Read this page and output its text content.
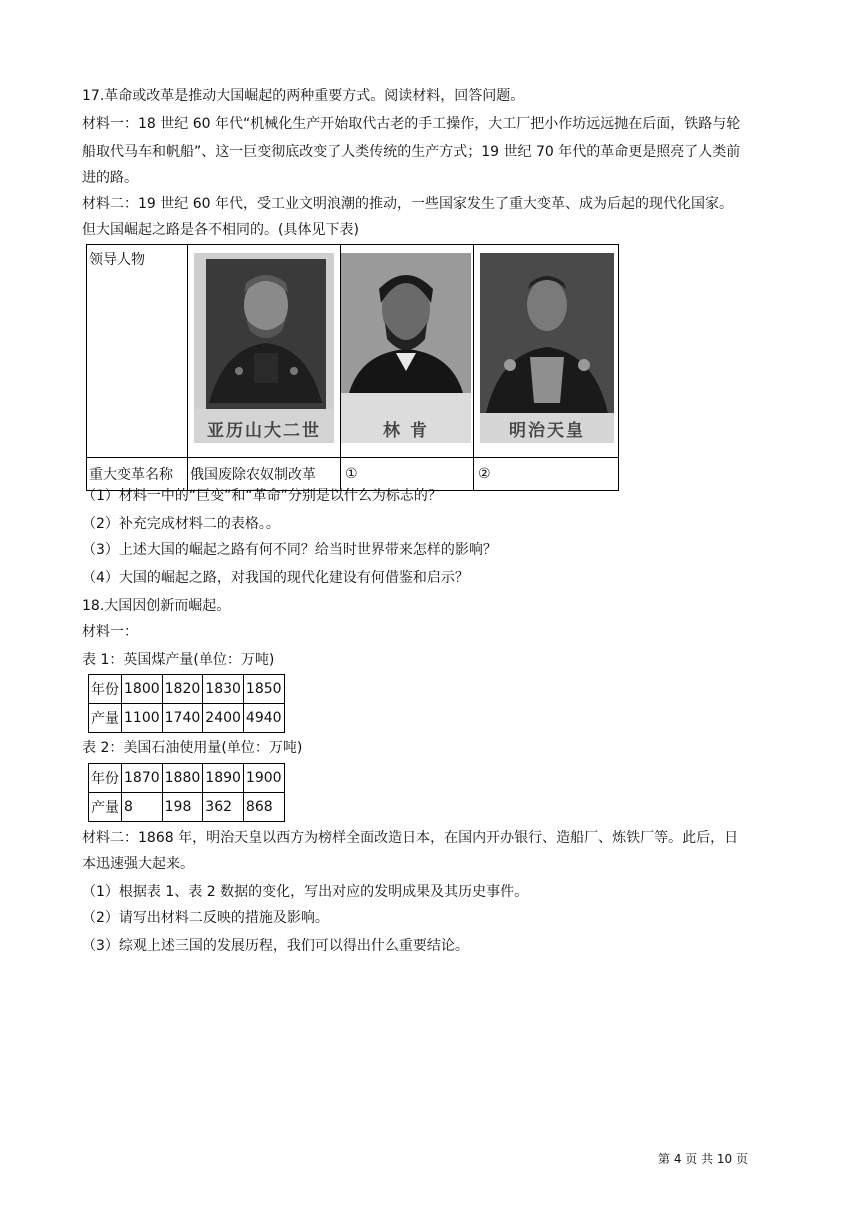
17.革命或改革是推动大国崛起的两种重要方式。阅读材料，回答问题。
材料一：18 世纪 60 年代“机械化生产开始取代古老的手工操作，大工厂把小作坊远远抛在后面，铁路与轮
船取代马车和帆船”、这一巨变彻底改变了人类传统的生产方式；19 世纪 70 年代的革命更是照亮了人类前
进的路。
材料二：19 世纪 60 年代，受工业文明浪潮的推动，一些国家发生了重大变革、成为后起的现代化国家。
但大国崛起之路是各不相同的。(具体见下表)
领导人物	亚历山大二世	林 肯	明治天皇

重大变革名称	俄国废除农奴制改革	①	②
（1）材料一中的“巨变”和“革命”分别是以什么为标志的？
（2）补充完成材料二的表格。。
（3）上述大国的崛起之路有何不同？给当时世界带来怎样的影响？
（4）大国的崛起之路，对我国的现代化建设有何借鉴和启示？
18.大国因创新而崛起。
材料一：
表 1：英国煤产量(单位：万吨)
年份	1800	1820	1830	1850
产量	1100	1740	2400	4940
表 2：美国石油使用量(单位：万吨)
年份	1870	1880	1890	1900
产量	8	198	362	868
材料二：1868 年，明治天皇以西方为榜样全面改造日本，在国内开办银行、造船厂、炼铁厂等。此后，日
本迅速强大起来。
（1）根据表 1、表 2 数据的变化，写出对应的发明成果及其历史事件。
（2）请写出材料二反映的措施及影响。
（3）综观上述三国的发展历程，我们可以得出什么重要结论。
第 4 页 共 10 页
